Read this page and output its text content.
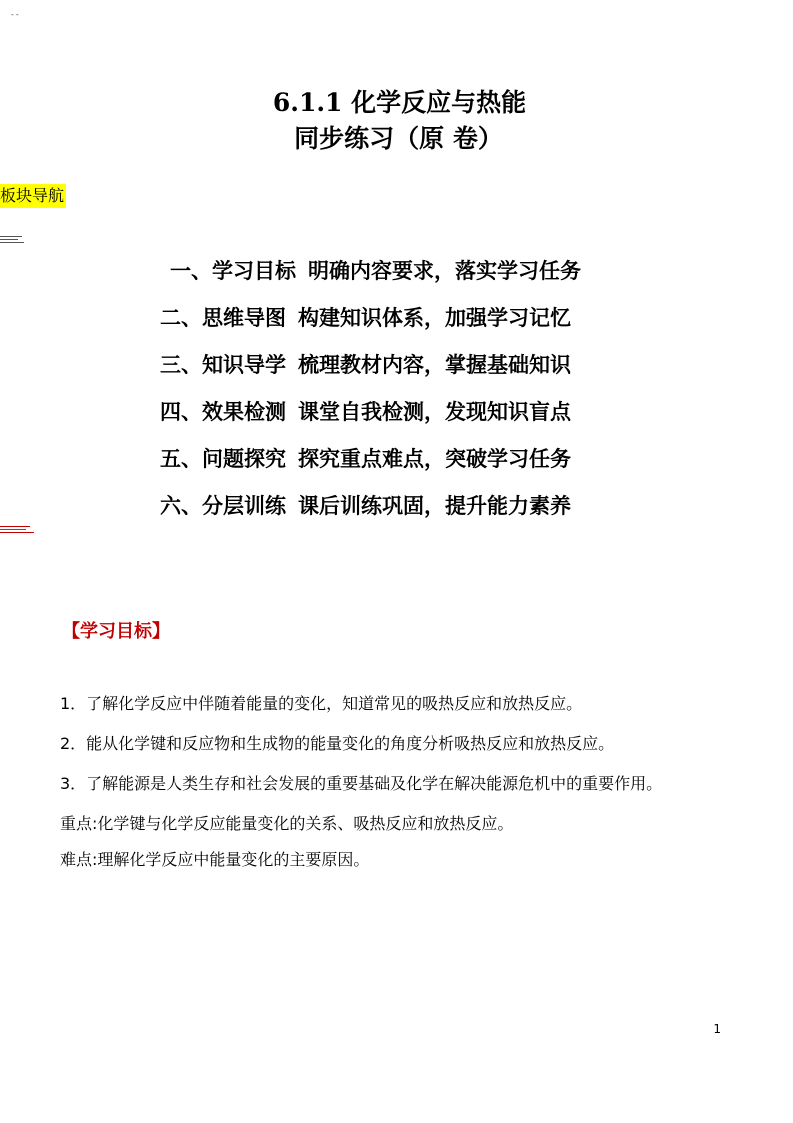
--
6.1.1 化学反应与热能
同步练习（原 卷）
板块导航
一、学习目标 明确内容要求，落实学习任务
二、思维导图 构建知识体系，加强学习记忆
三、知识导学 梳理教材内容，掌握基础知识
四、效果检测 课堂自我检测，发现知识盲点
五、问题探究 探究重点难点，突破学习任务
六、分层训练 课后训练巩固，提升能力素养
【学习目标】

1．了解化学反应中伴随着能量的变化，知道常见的吸热反应和放热反应。

2．能从化学键和反应物和生成物的能量变化的角度分析吸热反应和放热反应。

3．了解能源是人类生存和社会发展的重要基础及化学在解决能源危机中的重要作用。

重点:化学键与化学反应能量变化的关系、吸热反应和放热反应。

难点:理解化学反应中能量变化的主要原因。

1
